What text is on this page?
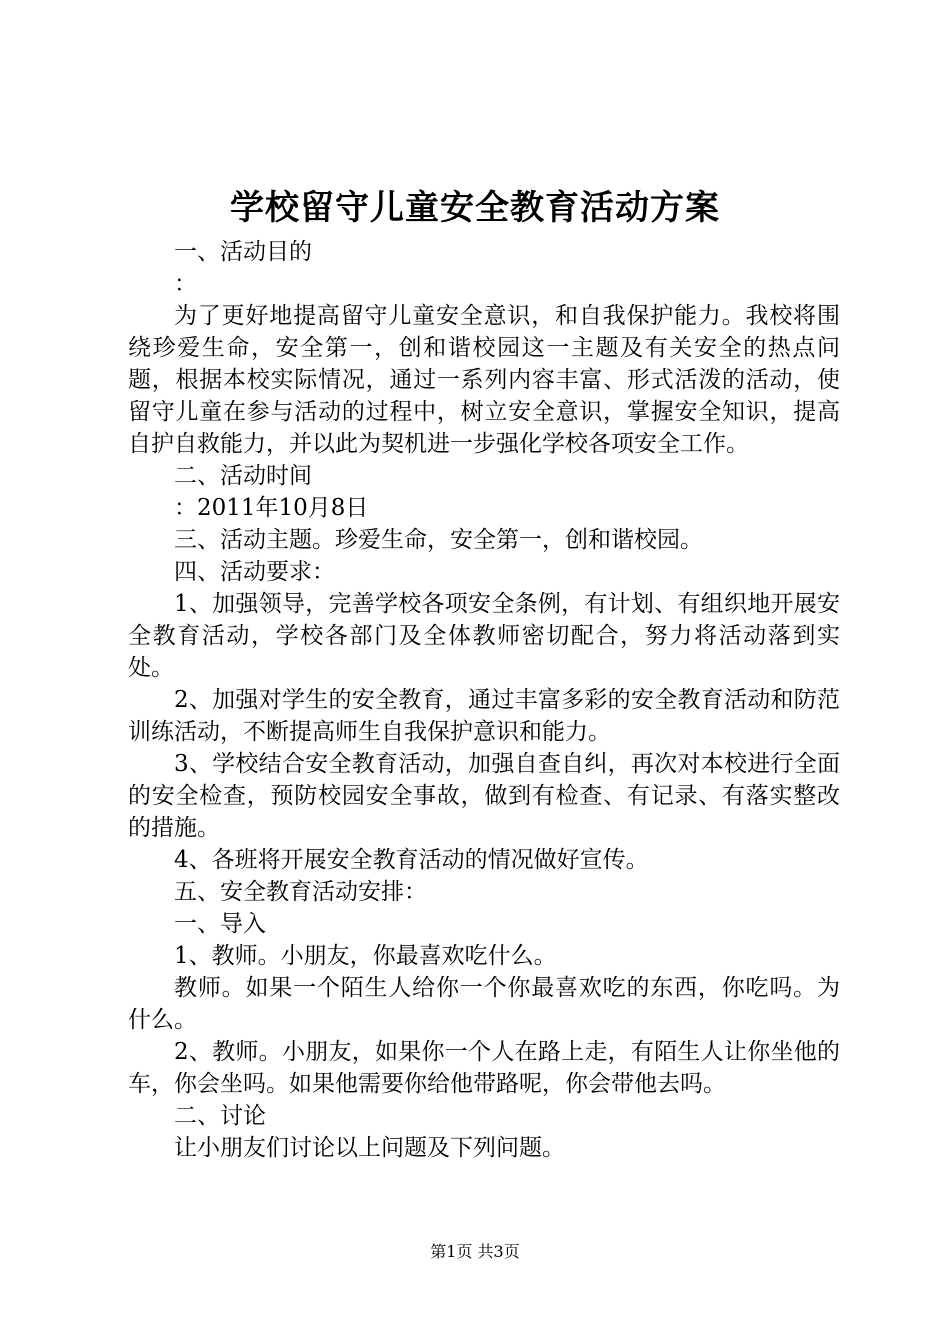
学校留守儿童安全教育活动方案

一、活动目的

：

为了更好地提高留守儿童安全意识，和自我保护能力。我校将围绕珍爱生命，安全第一，创和谐校园这一主题及有关安全的热点问题，根据本校实际情况，通过一系列内容丰富、形式活泼的活动，使留守儿童在参与活动的过程中，树立安全意识，掌握安全知识，提高自护自救能力，并以此为契机进一步强化学校各项安全工作。

二、活动时间

：2011年10月8日

三、活动主题。珍爱生命，安全第一，创和谐校园。

四、活动要求：

1、加强领导，完善学校各项安全条例，有计划、有组织地开展安全教育活动，学校各部门及全体教师密切配合，努力将活动落到实处。

2、加强对学生的安全教育，通过丰富多彩的安全教育活动和防范训练活动，不断提高师生自我保护意识和能力。

3、学校结合安全教育活动，加强自查自纠，再次对本校进行全面的安全检查，预防校园安全事故，做到有检查、有记录、有落实整改的措施。

4、各班将开展安全教育活动的情况做好宣传。

五、安全教育活动安排：

一、导入

1、教师。小朋友，你最喜欢吃什么。

教师。如果一个陌生人给你一个你最喜欢吃的东西，你吃吗。为什么。

2、教师。小朋友，如果你一个人在路上走，有陌生人让你坐他的车，你会坐吗。如果他需要你给他带路呢，你会带他去吗。

二、讨论

让小朋友们讨论以上问题及下列问题。

第1页 共3页
